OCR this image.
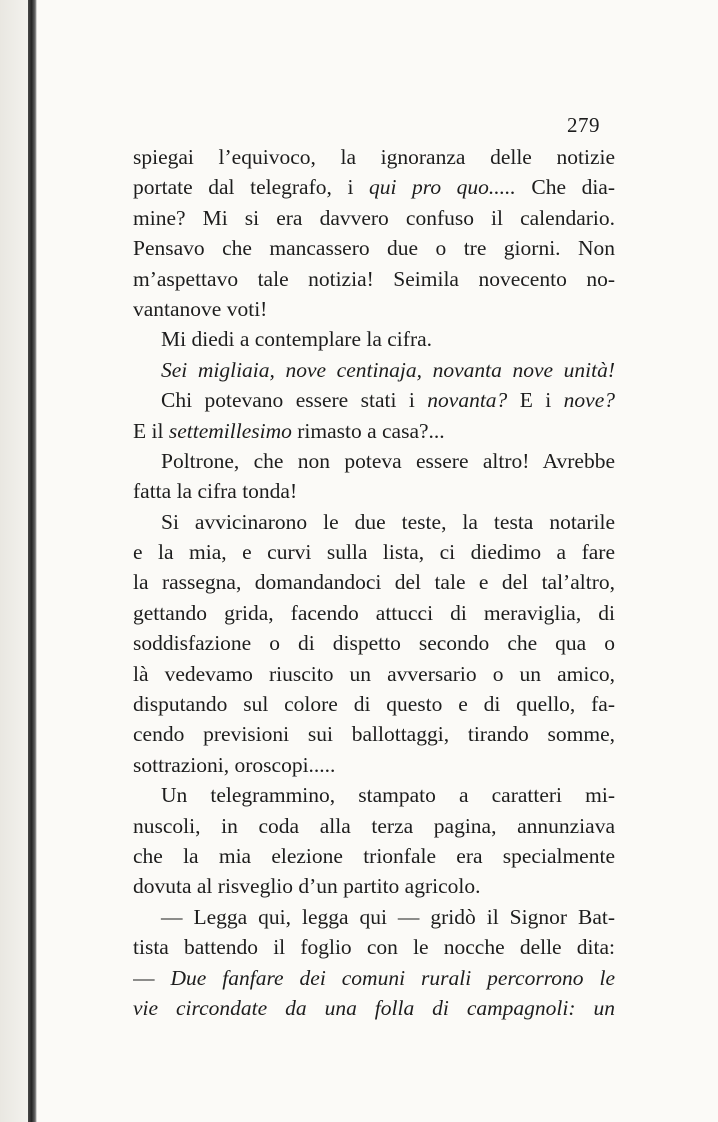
279
spiegai l’equivoco, la ignoranza delle notizie
portate dal telegrafo, i qui pro quo..... Che dia-
mine? Mi si era davvero confuso il calendario.
Pensavo che mancassero due o tre giorni. Non
m’aspettavo tale notizia! Seimila novecento no-
vantanove voti!
Mi diedi a contemplare la cifra.
Sei migliaia, nove centinaja, novanta nove unità!
Chi potevano essere stati i novanta? E i nove?
E il settemillesimo rimasto a casa?...
Poltrone, che non poteva essere altro! Avrebbe
fatta la cifra tonda!
Si avvicinarono le due teste, la testa notarile
e la mia, e curvi sulla lista, ci diedimo a fare
la rassegna, domandandoci del tale e del tal’altro,
gettando grida, facendo attucci di meraviglia, di
soddisfazione o di dispetto secondo che qua o
là vedevamo riuscito un avversario o un amico,
disputando sul colore di questo e di quello, fa-
cendo previsioni sui ballottaggi, tirando somme,
sottrazioni, oroscopi.....
Un telegrammino, stampato a caratteri mi-
nuscoli, in coda alla terza pagina, annunziava
che la mia elezione trionfale era specialmente
dovuta al risveglio d’un partito agricolo.
— Legga qui, legga qui — gridò il Signor Bat-
tista battendo il foglio con le nocche delle dita:
— Due fanfare dei comuni rurali percorrono le
vie circondate da una folla di campagnoli: un
